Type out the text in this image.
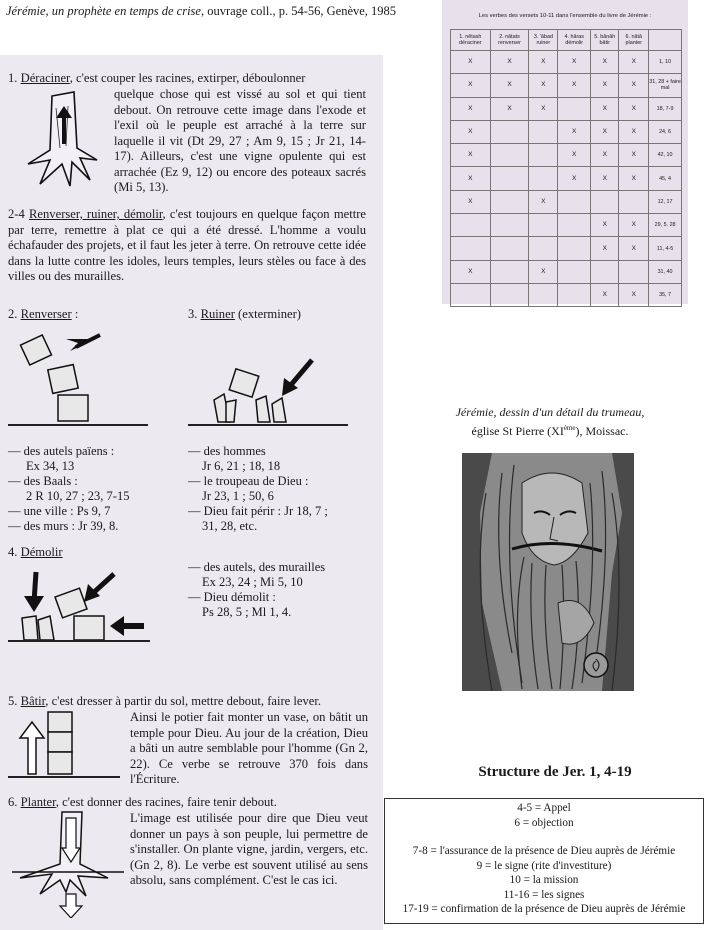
Jérémie, un prophète en temps de crise, ouvrage coll., p. 54-56, Genève, 1985

1. Déraciner, c'est couper les racines, extirper, déboulonner

quelque chose qui est vissé au sol et qui tient debout. On retrouve cette image dans l'exode et l'exil où le peuple est arraché à la terre sur laquelle il vit (Dt 29, 27 ; Am 9, 15 ; Jr 21, 14-17). Ailleurs, c'est une vigne opulente qui est arrachée (Ez 9, 12) ou encore des poteaux sacrés (Mi 5, 13).

2-4 Renverser, ruiner, démolir, c'est toujours en quelque façon mettre par terre, remettre à plat ce qui a été dressé. L'homme a voulu échafauder des projets, et il faut les jeter à terre. On retrouve cette idée dans la lutte contre les idoles, leurs temples, leurs stèles ou face à des villes ou des murailles.

2. Renverser :	3. Ruiner (exterminer)
— des autels païens :
Ex 34, 13
— des Baals :
2 R 10, 27 ; 23, 7-15
— une ville : Ps 9, 7
— des murs : Jr 39, 8.
— des hommes
Jr 6, 21 ; 18, 18
— le troupeau de Dieu :
Jr 23, 1 ; 50, 6
— Dieu fait périr : Jr 18, 7 ;
31, 28, etc.
4. Démolir
— des autels, des murailles
Ex 23, 24 ; Mi 5, 10
— Dieu démolit :
Ps 28, 5 ; Ml 1, 4.

5. Bâtir, c'est dresser à partir du sol, mettre debout, faire lever.

Ainsi le potier fait monter un vase, on bâtit un temple pour Dieu. Au jour de la création, Dieu a bâti un autre semblable pour l'homme (Gn 2, 22). Ce verbe se retrouve 370 fois dans l'Écriture.

6. Planter, c'est donner des racines, faire tenir debout.

L'image est utilisée pour dire que Dieu veut donner un pays à son peuple, lui permettre de s'installer. On plante vigne, jardin, vergers, etc. (Gn 2, 8). Le verbe est souvent utilisé au sens absolu, sans complément. C'est le cas ici.

Les verbes des versets 10-11 dans l'ensemble du livre de Jérémie :
1. nêtash déraciner	2. nâtats renverser	3. 'âbad ruiner	4. hâras démolir	5. bânâh bâtir	6. nâtâ planter	
X	X	X	X	X	X	1, 10
X	X	X	X	X	X	31, 28 + faire mal
X	X	X		X	X	18, 7-9
X			X	X	X	24, 6
X			X	X	X	42, 10
X			X	X	X	45, 4
X		X				12, 17
				X	X	29, 5. 28
				X	X	11, 4-5
X		X				31, 40
				X	X	35, 7
Jérémie, dessin d'un détail du trumeau,
église St Pierre (XIème), Moissac.
Structure de Jer. 1, 4-19
4-5 = Appel
6 = objection
7-8 = l'assurance de la présence de Dieu auprès de Jérémie
9 = le signe (rite d'investiture)
10 = la mission
11-16 = les signes
17-19 = confirmation de la présence de Dieu auprès de Jérémie
